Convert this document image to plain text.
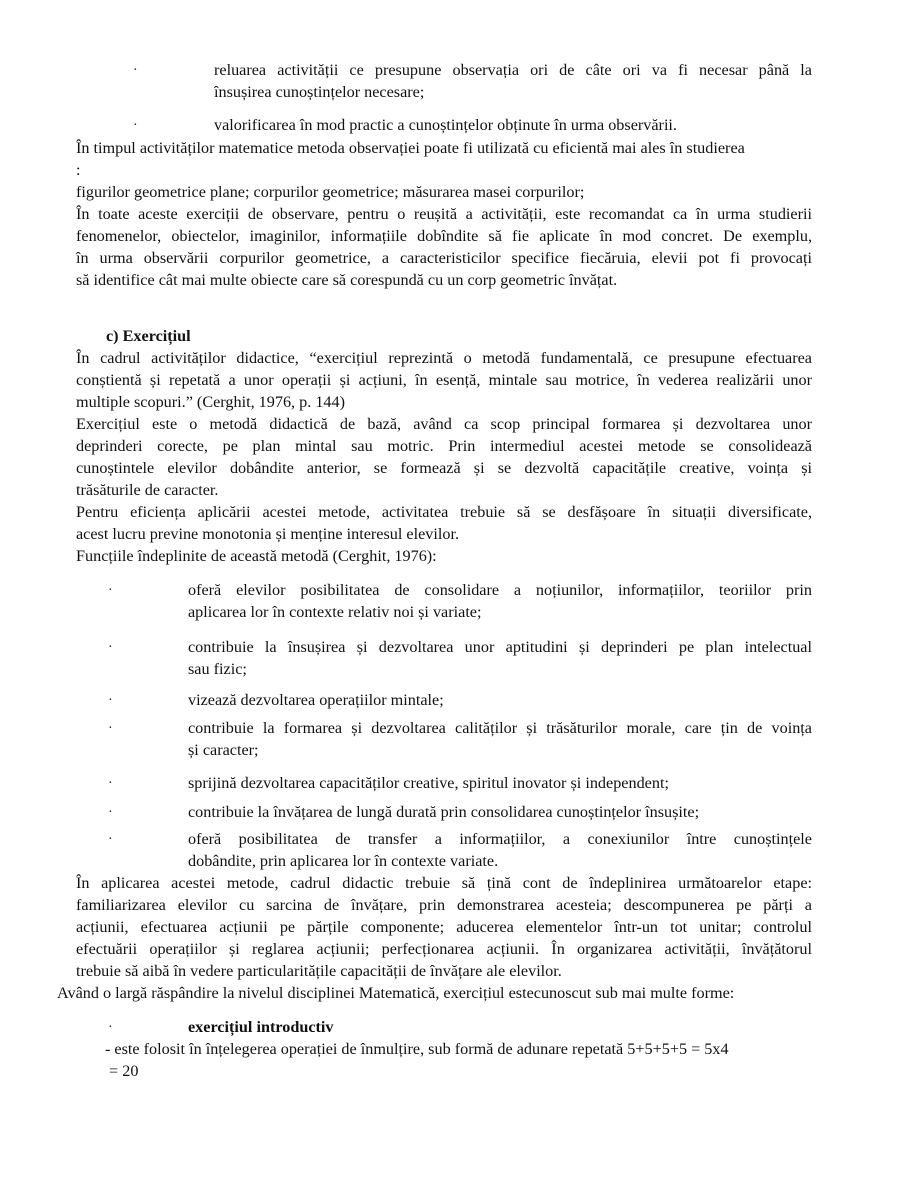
·	reluarea activității ce presupune observația ori de câte ori va fi necesar până la
însușirea cunoștințelor necesare;
·	valorificarea în mod practic a cunoștințelor obținute în urma observării.
În timpul activităților matematice metoda observației poate fi utilizată cu eficientă mai ales în studierea
:
figurilor geometrice plane; corpurilor geometrice; măsurarea masei corpurilor;
În toate aceste exerciții de observare, pentru o reușită a activității, este recomandat ca în urma studierii
fenomenelor, obiectelor, imaginilor, informațiile dobîndite să fie aplicate în mod concret. De exemplu,
în urma observării corpurilor geometrice, a caracteristicilor specifice fiecăruia, elevii pot fi provocați
să identifice cât mai multe obiecte care să corespundă cu un corp geometric învățat.
c) Exercițiul
În cadrul activităților didactice, “exercițiul reprezintă o metodă fundamentală, ce presupune efectuarea
conștientă și repetată a unor operații și acțiuni, în esență, mintale sau motrice, în vederea realizării unor
multiple scopuri.” (Cerghit, 1976, p. 144)
Exercițiul este o metodă didactică de bază, având ca scop principal formarea și dezvoltarea unor
deprinderi corecte, pe plan mintal sau motric. Prin intermediul acestei metode se consolidează
cunoștintele elevilor dobândite anterior, se formează și se dezvoltă capacitățile creative, voința și
trăsăturile de caracter.
Pentru eficiența aplicării acestei metode, activitatea trebuie să se desfășoare în situații diversificate,
acest lucru previne monotonia și menține interesul elevilor.
Funcțiile îndeplinite de această metodă (Cerghit, 1976):
·	oferă elevilor posibilitatea de consolidare a noțiunilor, informațiilor, teoriilor prin
aplicarea lor în contexte relativ noi și variate;
·	contribuie la însușirea și dezvoltarea unor aptitudini și deprinderi pe plan intelectual
sau fizic;
·	vizează dezvoltarea operațiilor mintale;
·	contribuie la formarea și dezvoltarea calităților și trăsăturilor morale, care țin de voința
și caracter;
·	sprijină dezvoltarea capacităților creative, spiritul inovator și independent;
·	contribuie la învățarea de lungă durată prin consolidarea cunoștințelor însușite;
·	oferă posibilitatea de transfer a informațiilor, a conexiunilor între cunoștințele
dobândite, prin aplicarea lor în contexte variate.
În aplicarea acestei metode, cadrul didactic trebuie să țină cont de îndeplinirea următoarelor etape:
familiarizarea elevilor cu sarcina de învățare, prin demonstrarea acesteia; descompunerea pe părți a
acțiunii, efectuarea acțiunii pe părțile componente; aducerea elementelor într-un tot unitar; controlul
efectuării operațiilor și reglarea acțiunii; perfecționarea acțiunii. În organizarea activității, învățătorul
trebuie să aibă în vedere particularitățile capacității de învățare ale elevilor.
Având o largă răspândire la nivelul disciplinei Matematică, exercițiul estecunoscut sub mai multe forme:
·	exercițiul introductiv
- este folosit în înțelegerea operației de înmulțire, sub formă de adunare repetată 5+5+5+5 = 5x4
= 20
